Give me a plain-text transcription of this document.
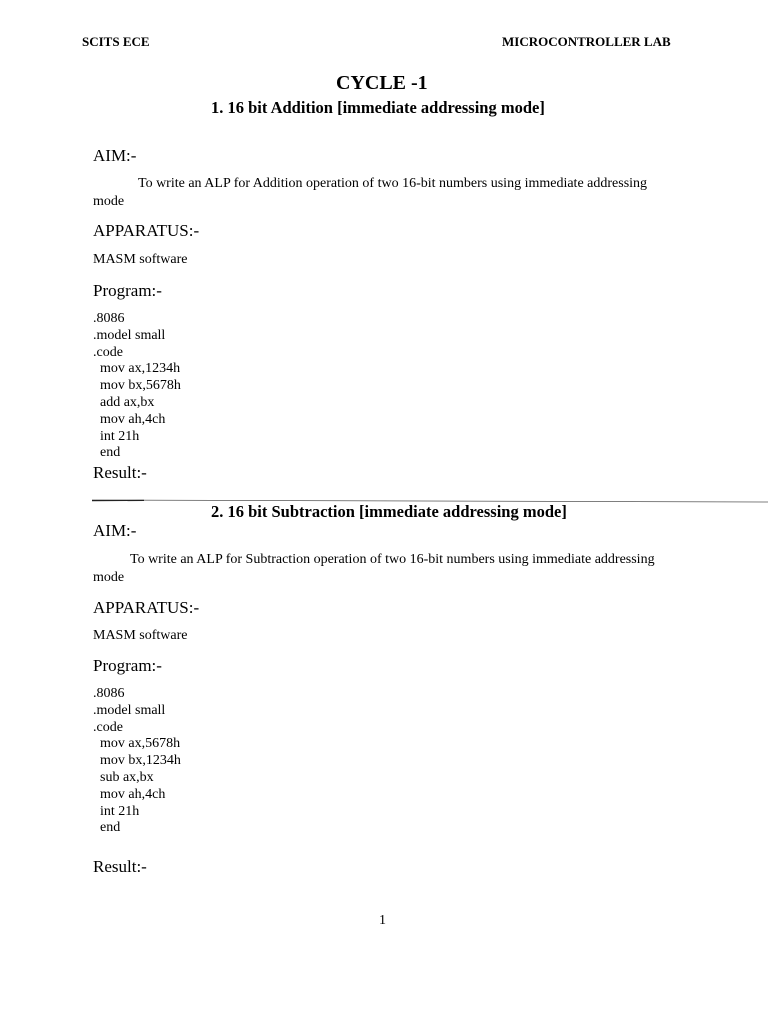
SCITS ECE	MICROCONTROLLER LAB
CYCLE -1
1. 16 bit Addition [immediate addressing mode]
AIM:-

To write an ALP for Addition operation of two 16-bit numbers using immediate addressing mode

APPARATUS:-
MASM software
Program:-
.8086
.model small
.code
mov ax,1234h
mov bx,5678h
add ax,bx
mov ah,4ch
int 21h
end
Result:-
2. 16 bit Subtraction [immediate addressing mode]
AIM:-

To write an ALP for Subtraction operation of two 16-bit numbers using immediate addressing mode

APPARATUS:-
MASM software
Program:-
.8086
.model small
.code
mov ax,5678h
mov bx,1234h
sub ax,bx
mov ah,4ch
int 21h
end
Result:-
1
